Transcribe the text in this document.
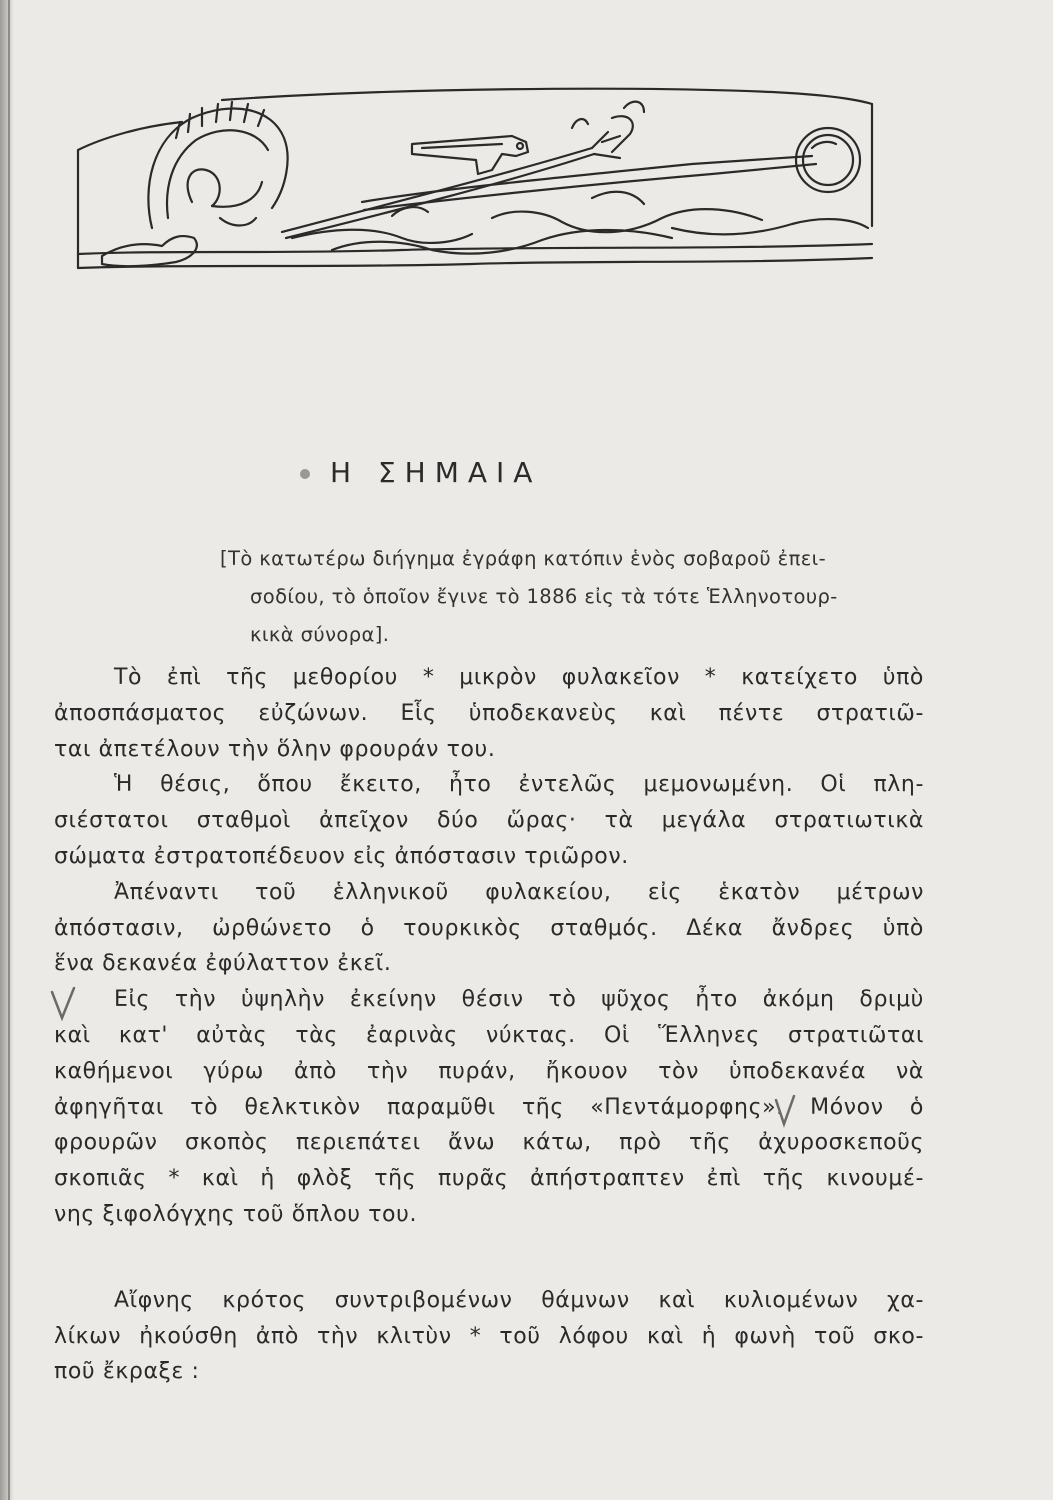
Η ΣΗΜΑΙΑ
[Τὸ κατωτέρω διήγημα ἐγράφη κατόπιν ἑνὸς σοβαροῦ ἐπει-
σοδίου, τὸ ὁποῖον ἔγινε τὸ 1886 εἰς τὰ τότε Ἑλληνοτουρ-
κικὰ σύνορα].
Τὸ ἐπὶ τῆς μεθορίου * μικρὸν φυλακεῖον * κατείχετο ὑπὸ
ἀποσπάσματος εὐζώνων. Εἷς ὑποδεκανεὺς καὶ πέντε στρατιῶ-
ται ἀπετέλουν τὴν ὅλην φρουράν του.
Ἡ θέσις, ὅπου ἔκειτο, ἦτο ἐντελῶς μεμονωμένη. Οἱ πλη-
σιέστατοι σταθμοὶ ἀπεῖχον δύο ὥρας· τὰ μεγάλα στρατιωτικὰ
σώματα ἐστρατοπέδευον εἰς ἀπόστασιν τριῶρον.
Ἀπέναντι τοῦ ἑλληνικοῦ φυλακείου, εἰς ἑκατὸν μέτρων
ἀπόστασιν, ὠρθώνετο ὁ τουρκικὸς σταθμός. Δέκα ἄνδρες ὑπὸ
ἕνα δεκανέα ἐφύλαττον ἐκεῖ.
Εἰς τὴν ὑψηλὴν ἐκείνην θέσιν τὸ ψῦχος ἦτο ἀκόμη δριμὺ
καὶ κατ' αὐτὰς τὰς ἐαρινὰς νύκτας. Οἱ Ἕλληνες στρατιῶται
καθήμενοι γύρω ἀπὸ τὴν πυράν, ἤκουον τὸν ὑποδεκανέα νὰ
ἀφηγῆται τὸ θελκτικὸν παραμῦθι τῆς «Πεντάμορφης». Μόνον ὁ
φρουρῶν σκοπὸς περιεπάτει ἄνω κάτω, πρὸ τῆς ἀχυροσκεποῦς
σκοπιᾶς * καὶ ἡ φλὸξ τῆς πυρᾶς ἀπήστραπτεν ἐπὶ τῆς κινουμέ-
νης ξιφολόγχης τοῦ ὅπλου του.
Αἴφνης κρότος συντριβομένων θάμνων καὶ κυλιομένων χα-
λίκων ἠκούσθη ἀπὸ τὴν κλιτὺν * τοῦ λόφου καὶ ἡ φωνὴ τοῦ σκο-
ποῦ ἔκραξε :
